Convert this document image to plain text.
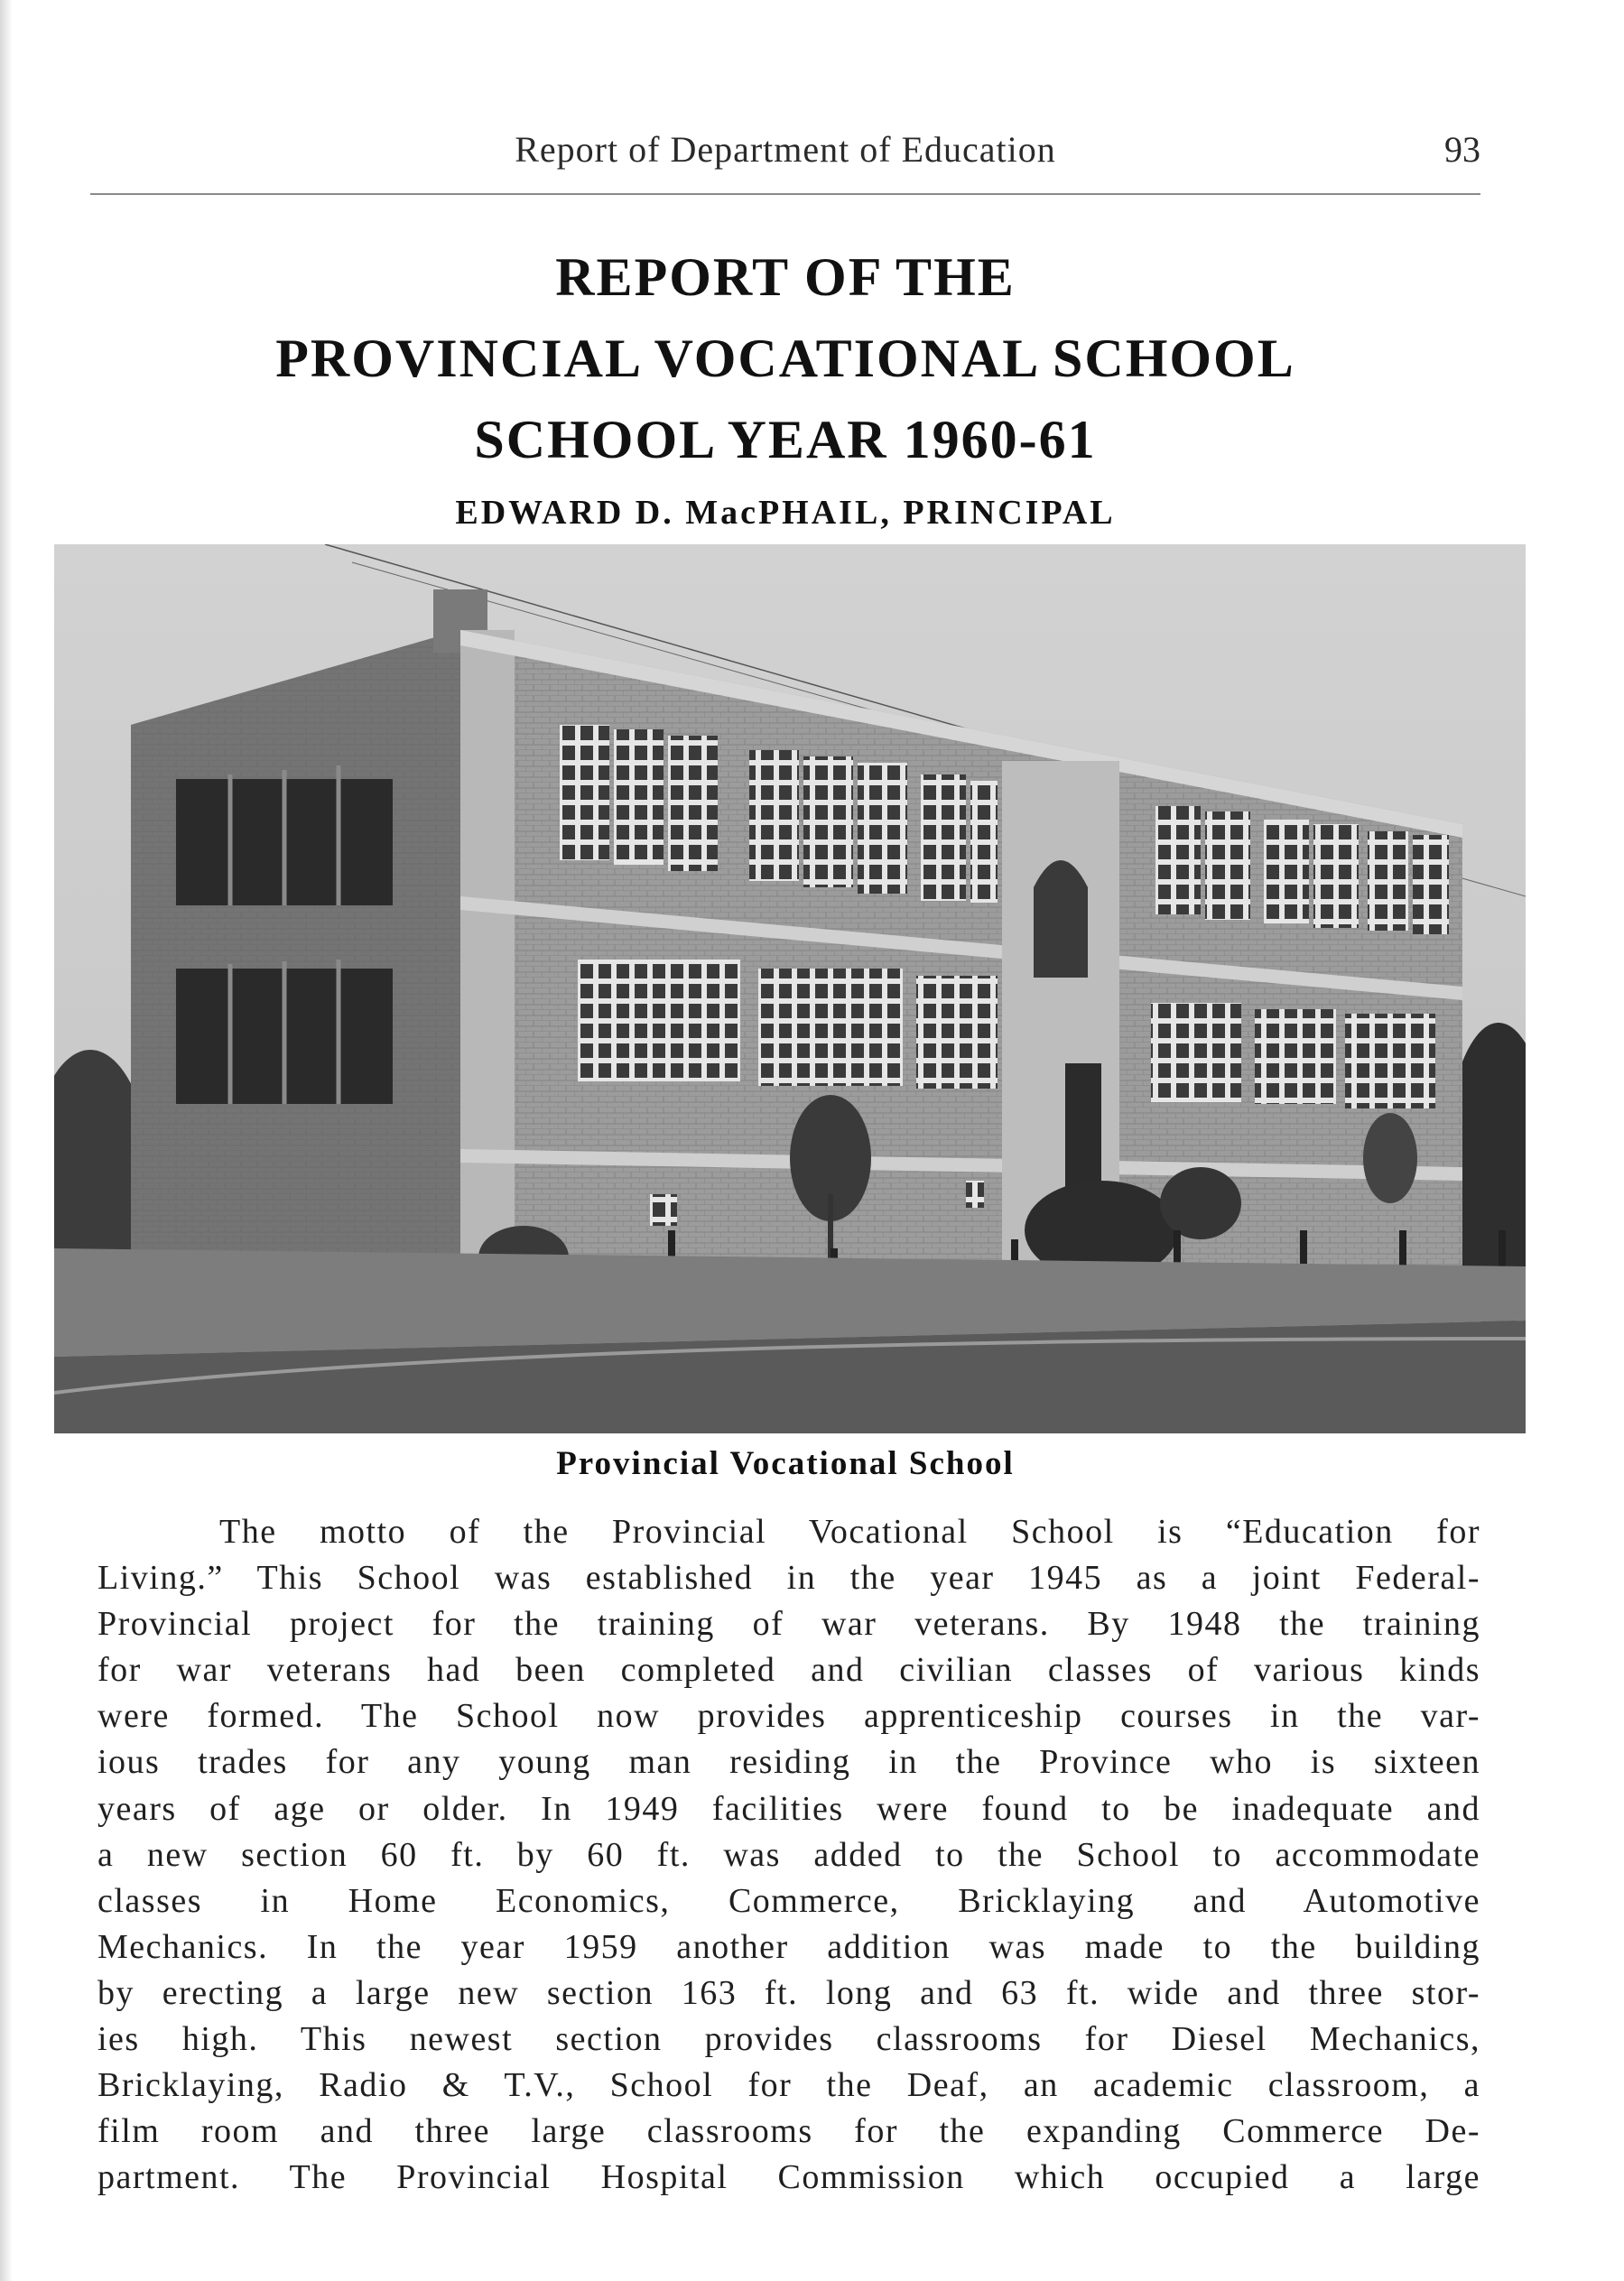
Report of Department of Education	93
REPORT OF THE
PROVINCIAL VOCATIONAL SCHOOL
SCHOOL YEAR 1960-61
EDWARD D. MacPHAIL, PRINCIPAL
Provincial Vocational School
The motto of the Provincial Vocational School is “Education for
Living.” This School was established in the year 1945 as a joint Federal-
Provincial project for the training of war veterans. By 1948 the training
for war veterans had been completed and civilian classes of various kinds
were formed. The School now provides apprenticeship courses in the var-
ious trades for any young man residing in the Province who is sixteen
years of age or older. In 1949 facilities were found to be inadequate and
a new section 60 ft. by 60 ft. was added to the School to accommodate
classes in Home Economics, Commerce, Bricklaying and Automotive
Mechanics. In the year 1959 another addition was made to the building
by erecting a large new section 163 ft. long and 63 ft. wide and three stor-
ies high. This newest section provides classrooms for Diesel Mechanics,
Bricklaying, Radio & T.V., School for the Deaf, an academic classroom, a
film room and three large classrooms for the expanding Commerce De-
partment. The Provincial Hospital Commission which occupied a large
